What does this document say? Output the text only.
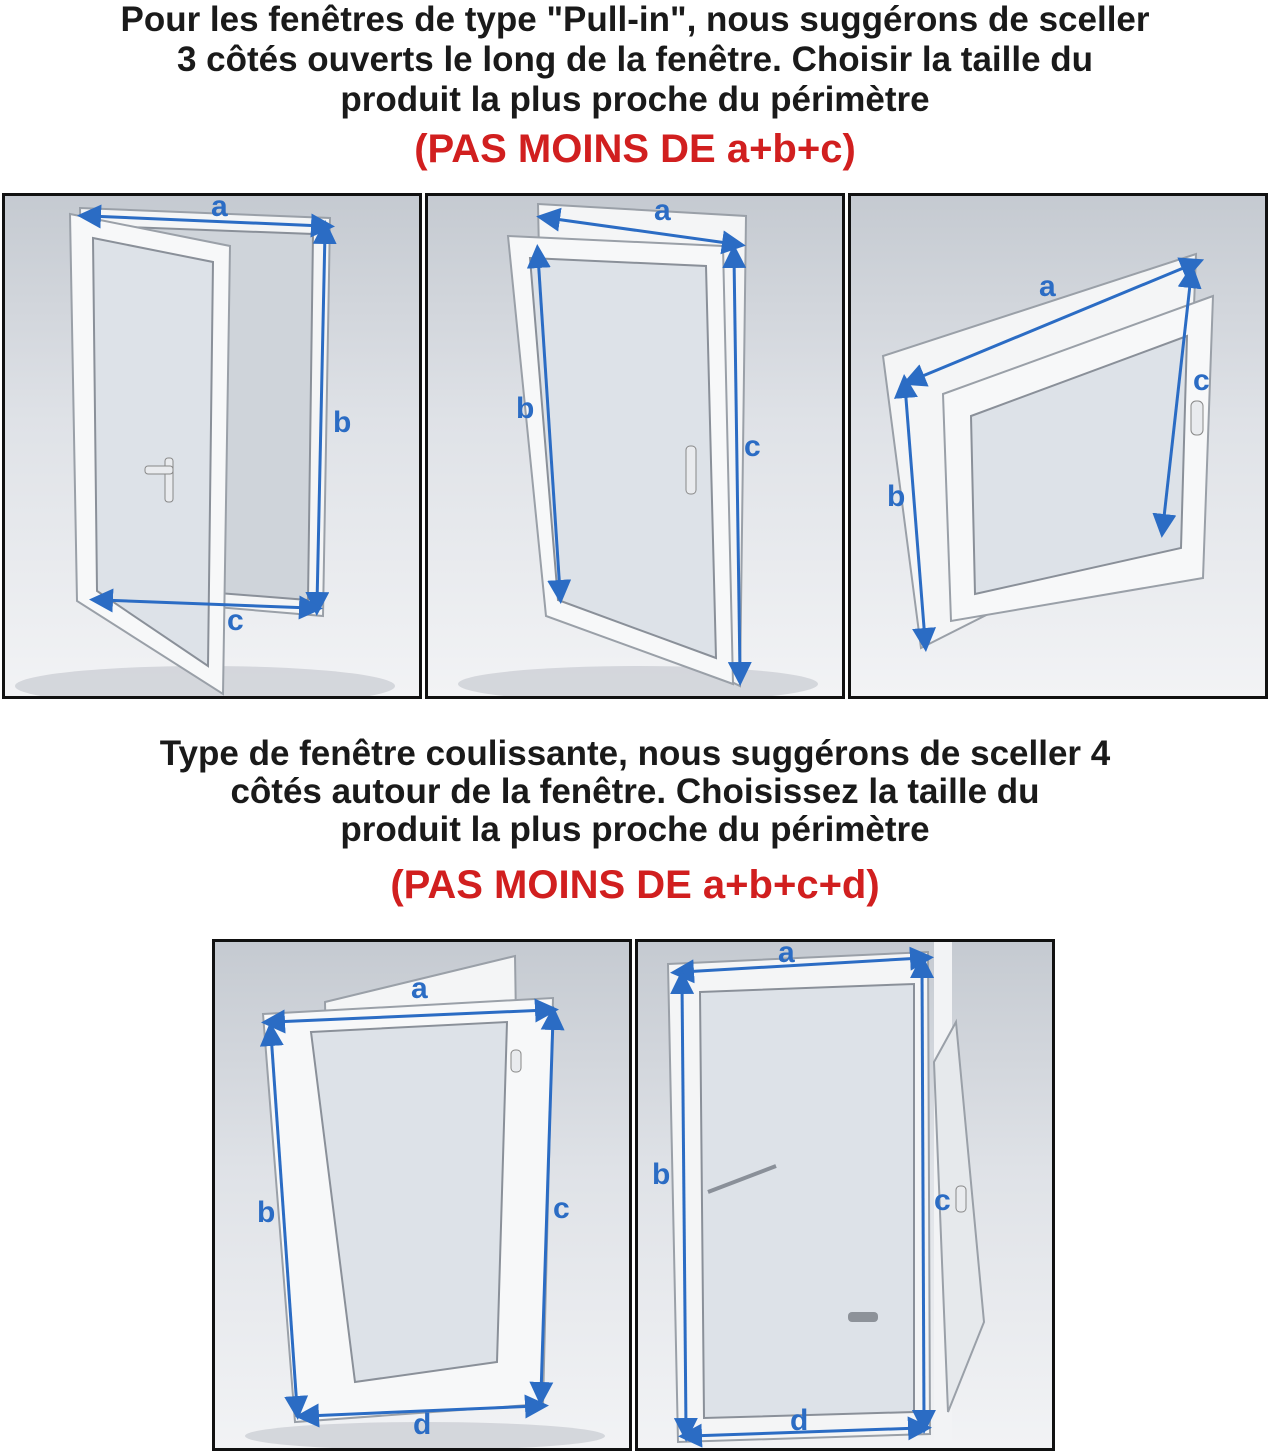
Pour les fenêtres de type "Pull-in", nous suggérons de sceller
3 côtés ouverts le long de la fenêtre. Choisir la taille du
produit la plus proche du périmètre
(PAS MOINS DE a+b+c)
a
b
c
a
b
c
a
b
c
Type de fenêtre coulissante, nous suggérons de sceller 4
côtés autour de la fenêtre. Choisissez la taille du
produit la plus proche du périmètre
(PAS MOINS DE a+b+c+d)
a
b	c
d
a
b
c
d
